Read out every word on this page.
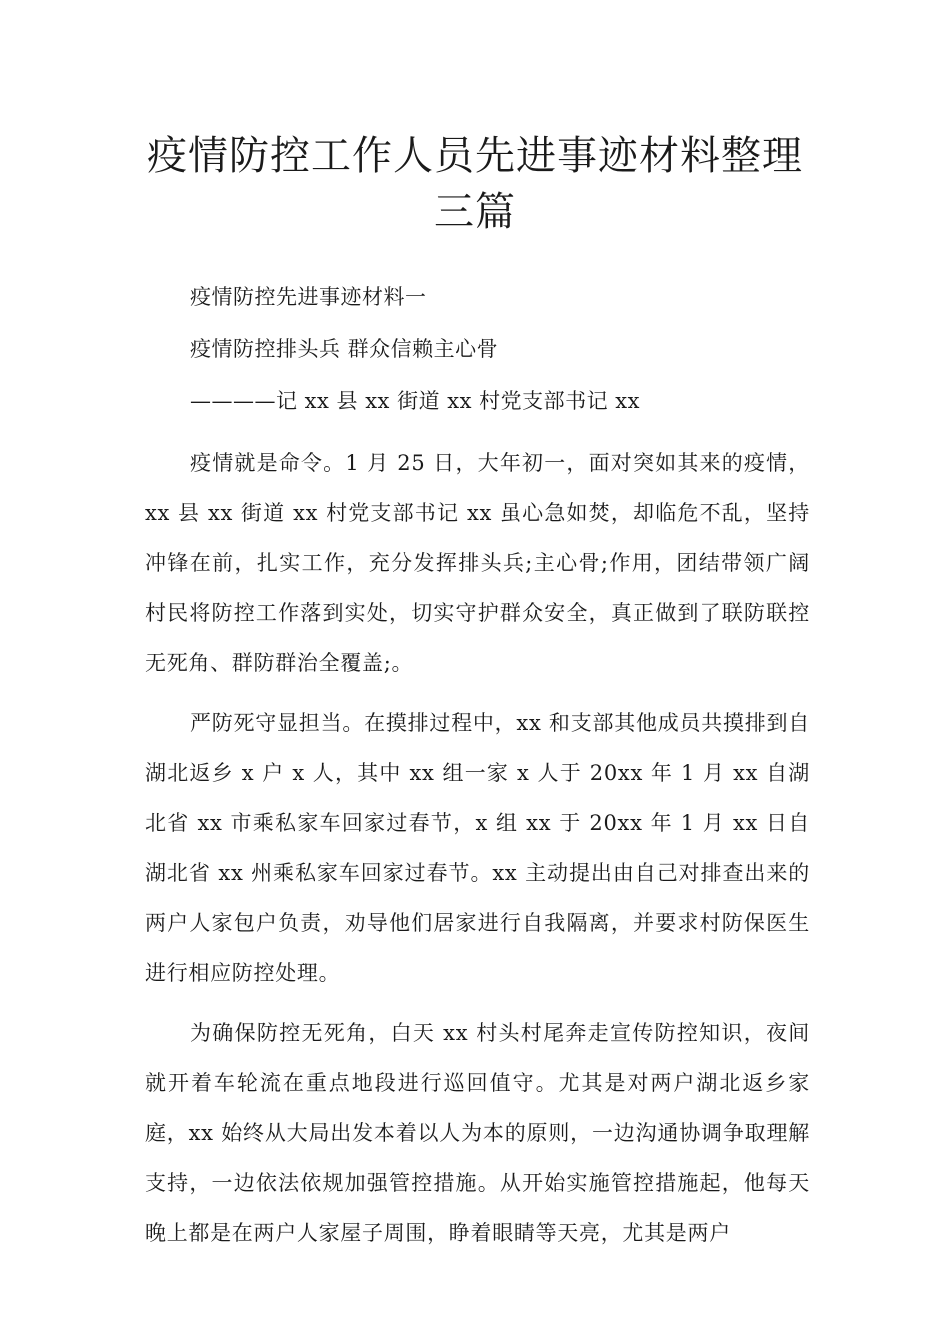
疫情防控工作人员先进事迹材料整理三篇

疫情防控先进事迹材料一

疫情防控排头兵 群众信赖主心骨

————记 xx 县 xx 街道 xx 村党支部书记 xx

疫情就是命令。1 月 25 日，大年初一，面对突如其来的疫情，xx 县 xx 街道 xx 村党支部书记 xx 虽心急如焚，却临危不乱，坚持冲锋在前，扎实工作，充分发挥排头兵;主心骨;作用，团结带领广阔村民将防控工作落到实处，切实守护群众安全，真正做到了联防联控无死角、群防群治全覆盖;。

严防死守显担当。在摸排过程中，xx 和支部其他成员共摸排到自湖北返乡 x 户 x 人，其中 xx 组一家 x 人于 20xx 年 1 月 xx 自湖北省 xx 市乘私家车回家过春节，x 组 xx 于 20xx 年 1 月 xx 日自湖北省 xx 州乘私家车回家过春节。xx 主动提出由自己对排查出来的两户人家包户负责，劝导他们居家进行自我隔离，并要求村防保医生进行相应防控处理。

为确保防控无死角，白天 xx 村头村尾奔走宣传防控知识，夜间就开着车轮流在重点地段进行巡回值守。尤其是对两户湖北返乡家庭，xx 始终从大局出发本着以人为本的原则，一边沟通协调争取理解支持，一边依法依规加强管控措施。从开始实施管控措施起，他每天晚上都是在两户人家屋子周围，睁着眼睛等天亮，尤其是两户
